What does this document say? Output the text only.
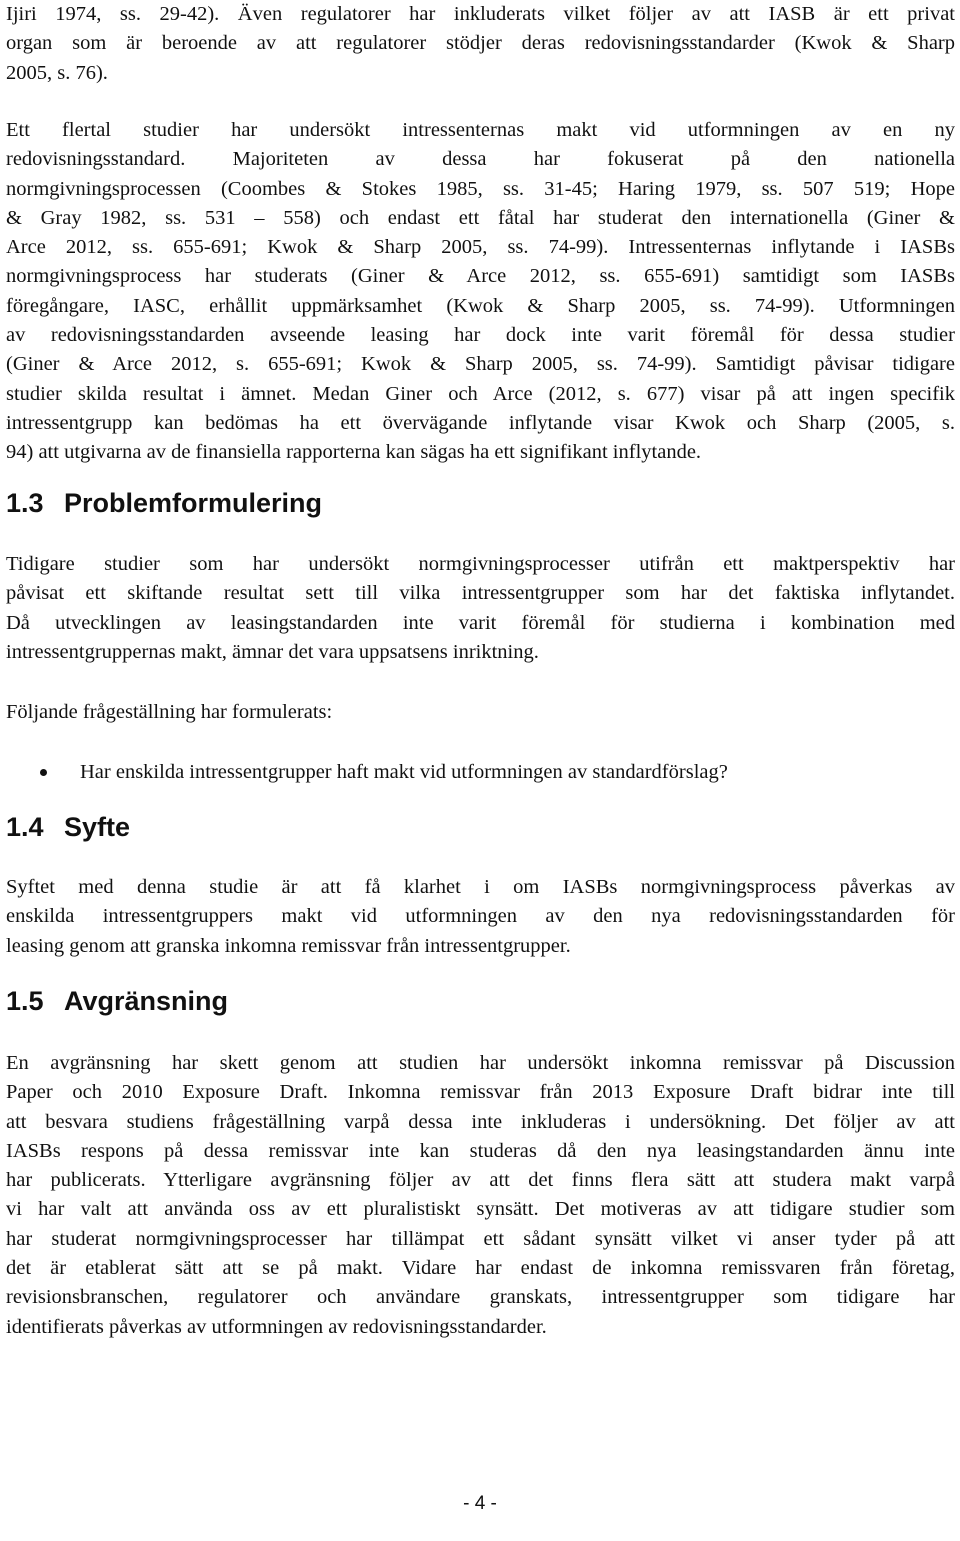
Ijiri 1974, ss. 29-42). Även regulatorer har inkluderats vilket följer av att IASB är ett privat
organ som är beroende av att regulatorer stödjer deras redovisningsstandarder (Kwok & Sharp
2005, s. 76).
Ett flertal studier har undersökt intressenternas makt vid utformningen av en ny
redovisningsstandard. Majoriteten av dessa har fokuserat på den nationella
normgivningsprocessen (Coombes & Stokes 1985, ss. 31-45; Haring 1979, ss. 507 519; Hope
& Gray 1982, ss. 531 – 558) och endast ett fåtal har studerat den internationella (Giner &
Arce 2012, ss. 655-691; Kwok & Sharp 2005, ss. 74-99). Intressenternas inflytande i IASBs
normgivningsprocess har studerats (Giner & Arce 2012, ss. 655-691) samtidigt som IASBs
föregångare, IASC, erhållit uppmärksamhet (Kwok & Sharp 2005, ss. 74-99). Utformningen
av redovisningsstandarden avseende leasing har dock inte varit föremål för dessa studier
(Giner & Arce 2012, s. 655-691; Kwok & Sharp 2005, ss. 74-99). Samtidigt påvisar tidigare
studier skilda resultat i ämnet. Medan Giner och Arce (2012, s. 677) visar på att ingen specifik
intressentgrupp kan bedömas ha ett övervägande inflytande visar Kwok och Sharp (2005, s.
94) att utgivarna av de finansiella rapporterna kan sägas ha ett signifikant inflytande.
1.3 Problemformulering
Tidigare studier som har undersökt normgivningsprocesser utifrån ett maktperspektiv har
påvisat ett skiftande resultat sett till vilka intressentgrupper som har det faktiska inflytandet.
Då utvecklingen av leasingstandarden inte varit föremål för studierna i kombination med
intressentgruppernas makt, ämnar det vara uppsatsens inriktning.
Följande frågeställning har formulerats:
Har enskilda intressentgrupper haft makt vid utformningen av standardförslag?
1.4 Syfte
Syftet med denna studie är att få klarhet i om IASBs normgivningsprocess påverkas av
enskilda intressentgruppers makt vid utformningen av den nya redovisningsstandarden för
leasing genom att granska inkomna remissvar från intressentgrupper.
1.5 Avgränsning
En avgränsning har skett genom att studien har undersökt inkomna remissvar på Discussion
Paper och 2010 Exposure Draft. Inkomna remissvar från 2013 Exposure Draft bidrar inte till
att besvara studiens frågeställning varpå dessa inte inkluderas i undersökning. Det följer av att
IASBs respons på dessa remissvar inte kan studeras då den nya leasingstandarden ännu inte
har publicerats. Ytterligare avgränsning följer av att det finns flera sätt att studera makt varpå
vi har valt att använda oss av ett pluralistiskt synsätt. Det motiveras av att tidigare studier som
har studerat normgivningsprocesser har tillämpat ett sådant synsätt vilket vi anser tyder på att
det är etablerat sätt att se på makt. Vidare har endast de inkomna remissvaren från företag,
revisionsbranschen, regulatorer och användare granskats, intressentgrupper som tidigare har
identifierats påverkas av utformningen av redovisningsstandarder.
- 4 -
